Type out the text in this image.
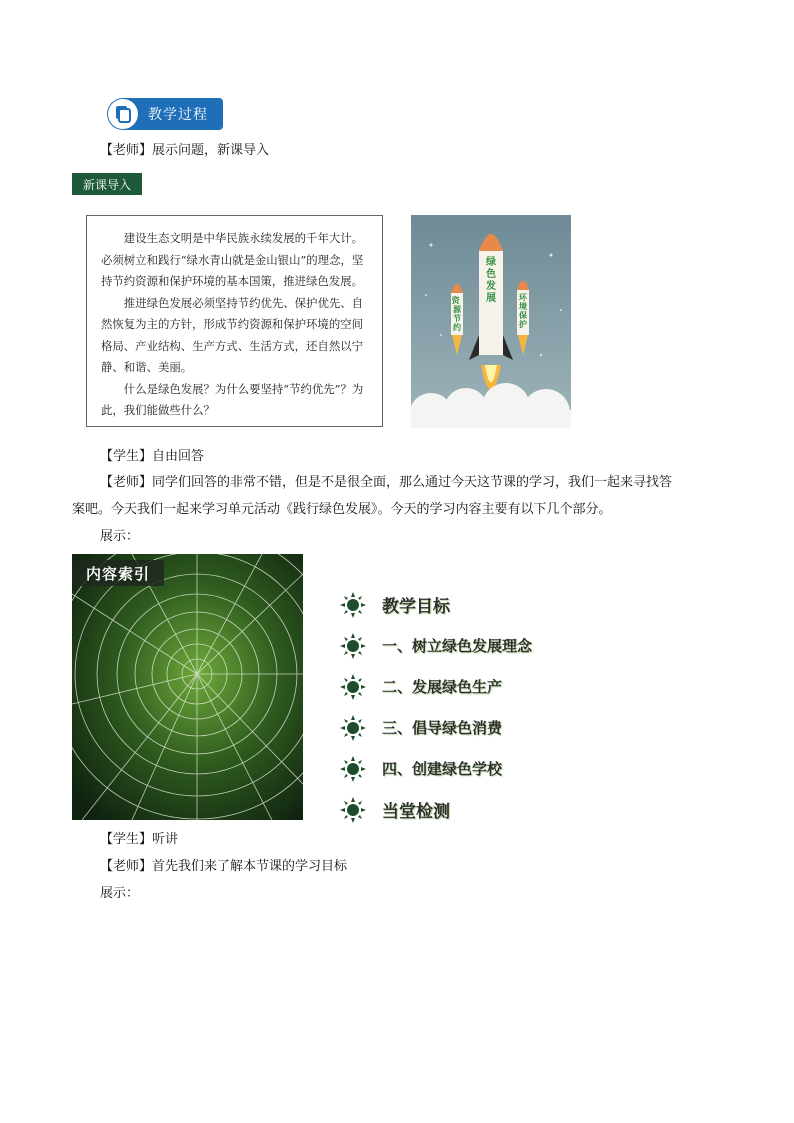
教学过程
【老师】展示问题，新课导入
新课导入

建设生态文明是中华民族永续发展的千年大计。必须树立和践行“绿水青山就是金山银山”的理念，坚持节约资源和保护环境的基本国策，推进绿色发展。

推进绿色发展必须坚持节约优先、保护优先、自然恢复为主的方针，形成节约资源和保护环境的空间格局、产业结构、生产方式、生活方式，还自然以宁静、和谐、美丽。

什么是绿色发展？为什么要坚持“节约优先”？为此，我们能做些什么？

资 源节约
环境保护
绿色发展
【学生】自由回答
【老师】同学们回答的非常不错，但是不是很全面，那么通过今天这节课的学习，我们一起来寻找答
案吧。今天我们一起来学习单元活动《践行绿色发展》。今天的学习内容主要有以下几个部分。
展示：
内容索引
教学目标
一、树立绿色发展理念
二、发展绿色生产
三、倡导绿色消费
四、创建绿色学校
当堂检测
【学生】听讲
【老师】首先我们来了解本节课的学习目标
展示：
